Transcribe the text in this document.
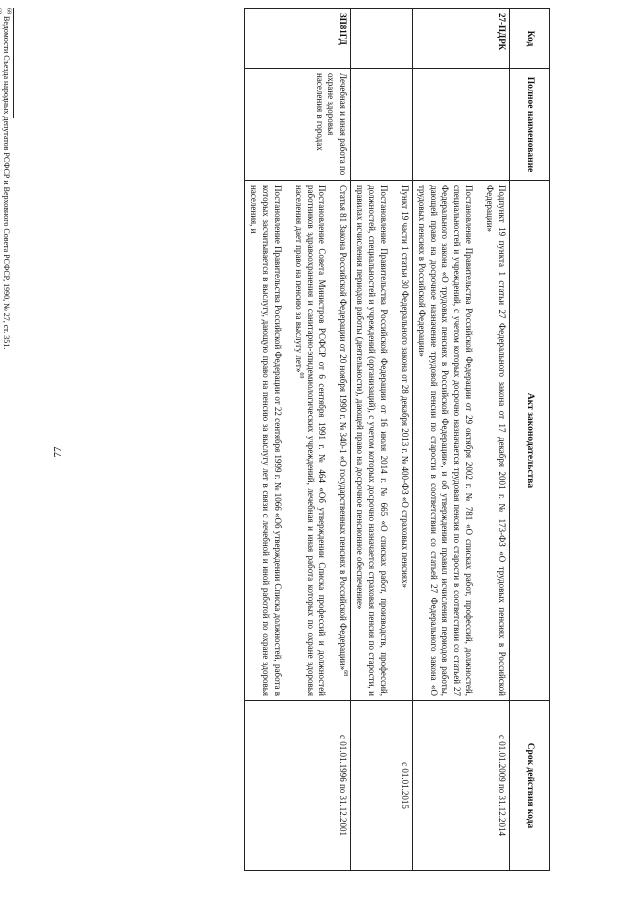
77
Код	Полное наименование	Акт законодательства	Срок действия кода
27-ПДРК		Подпункт 19 пункта 1 статьи 27 Федерального закона от 17 декабря 2001 г. № 173-ФЗ «О трудовых пенсиях в Российской Федерации»

Постановление Правительства Российской Федерации от 29 октября 2002 г. № 781 «О списках работ, профессий, должностей, специальностей и учреждений, с учетом которых досрочно назначается трудовая пенсия по старости в соответствии со статьей 27 Федерального закона «О трудовых пенсиях в Российской Федерации», и об утверждении правил исчисления периодов работы, дающей право на досрочное назначение трудовой пенсии по старости в соответствии со статьей 27 Федерального закона «О трудовых пенсиях в Российской Федерации»	с 01.01.2009 по 31.12.2014

		Пункт 19 части 1 статьи 30 Федерального закона от 28 декабря 2013 г. № 400-ФЗ «О страховых пенсиях»

Постановление Правительства Российской Федерации от 16 июля 2014 г. № 665 «О списках работ, производств, профессий, должностей, специальностей и учреждений (организаций), с учетом которых досрочно назначается страховая пенсия по старости, и правилах исчисления периодов работы (деятельности), дающей право на досрочное пенсионное обеспечение»	с 01.01.2015
ЗП81ГД	Лечебная и иная работа по охране здоровья населения в городах	Статья 81 Закона Российской Федерации от 20 ноября 1990 г. № 340-1 «О государственных пенсиях в Российской Федерации»$^{68}$

Постановление Совета Министров РСФСР от 6 сентября 1991 г. № 464 «Об утверждении Списка профессий и должностей работников здравоохранения и санитарно-эпидемиологических учреждений, лечебная и иная работа которых по охране здоровья населения дает право на пенсию за выслугу лет»$^{69}$

Постановление Правительства Российской Федерации от 22 сентября 1999 г. № 1066 «Об утверждении Списка должностей, работа в которых засчитывается в выслугу, дающую право на пенсию за выслугу лет в связи с лечебной и иной работой по охране здоровья населения, и	с 01.01.1996 по 31.12.2001
$^{68}$ Ведомости Съезда народных депутатов РСФСР и Верховного Совета РСФСР, 1990, № 27, ст. 351.
